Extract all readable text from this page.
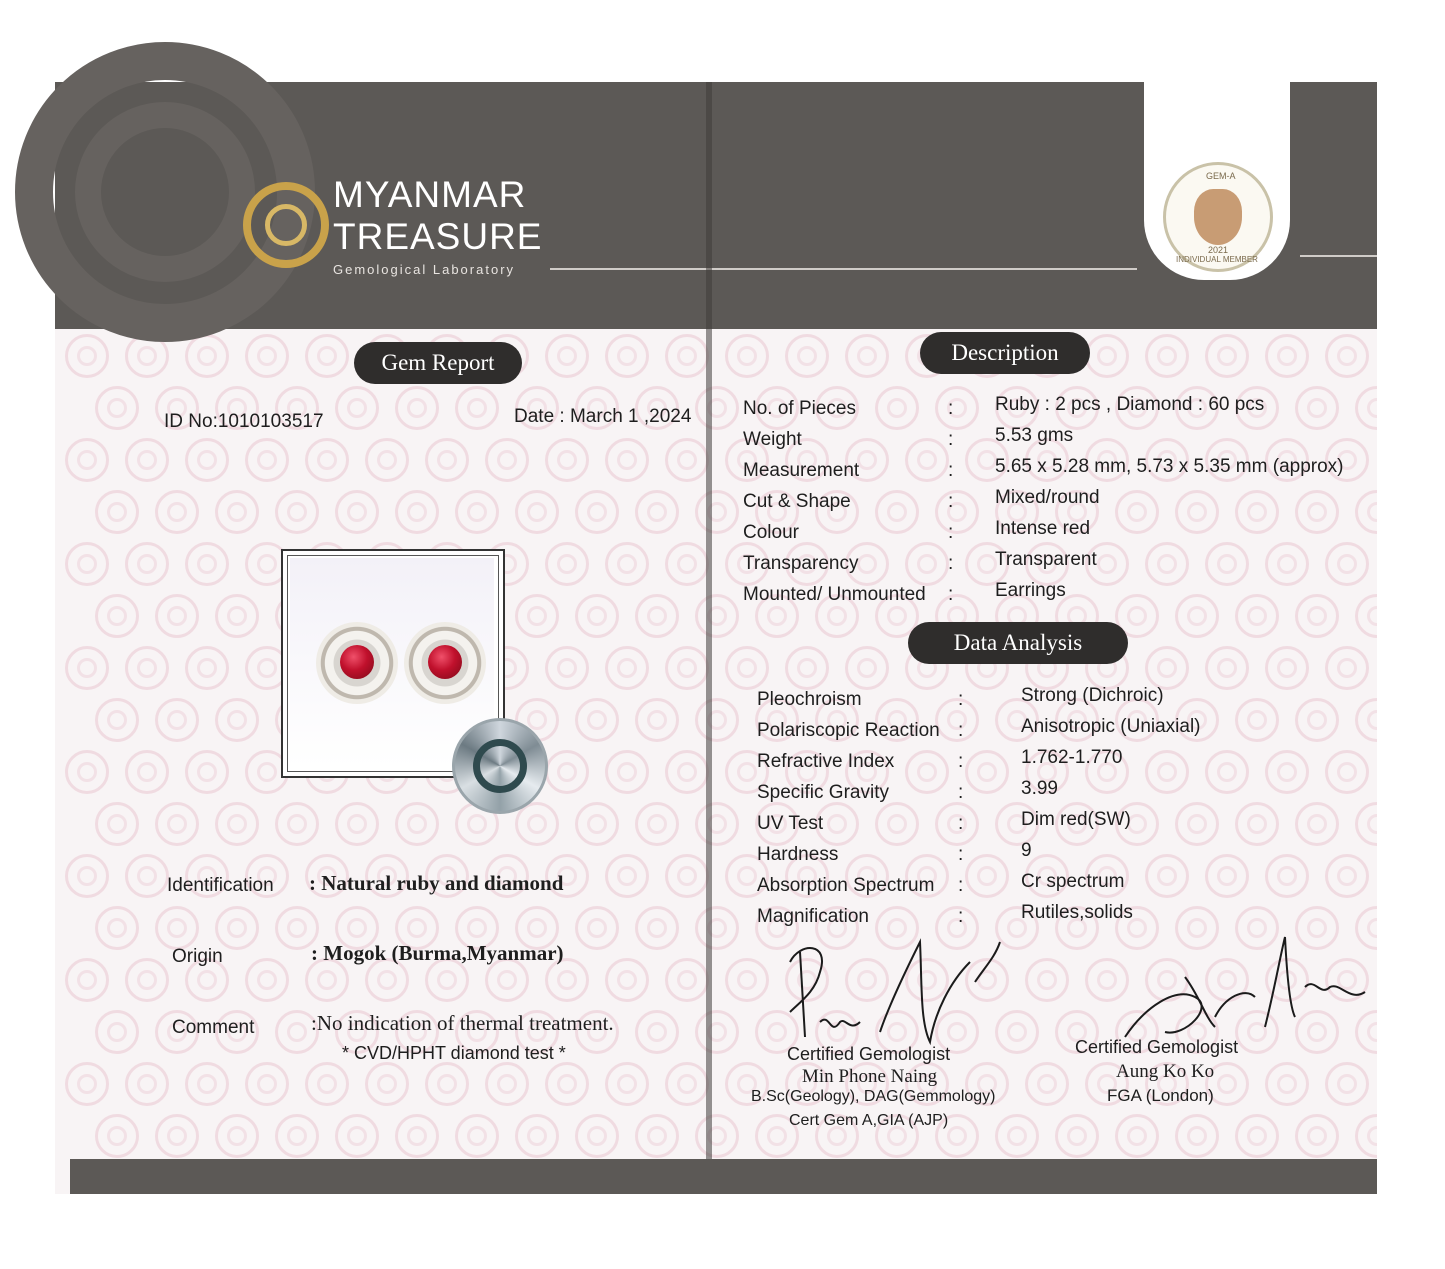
MYANMAR
TREASURE
Gemological Laboratory
GEM-A
2021
INDIVIDUAL MEMBER
Gem Report
ID No:1010103517	Date : March 1 ,2024
Identification : Natural ruby and diamond
Origin	: Mogok (Burma,Myanmar)
Comment	:No indication of thermal treatment.
* CVD/HPHT diamond test *
Description
No. of Pieces	: Ruby : 2 pcs , Diamond : 60 pcs
Weight	: 5.53 gms
Measurement	: 5.65 x 5.28 mm, 5.73 x 5.35 mm (approx)
Cut & Shape	: Mixed/round
Colour	: Intense red
Transparency	: Transparent
Mounted/ Unmounted : Earrings
Data Analysis
Pleochroism	:	Strong (Dichroic)
Polariscopic Reaction :	Anisotropic (Uniaxial)
Refractive Index	:	1.762-1.770
Specific Gravity	:	3.99
UV Test	:	Dim red(SW)
Hardness	:	9
Absorption Spectrum :	Cr spectrum
Magnification	:	Rutiles,solids
Certified Gemologist
Min Phone Naing
B.Sc(Geology), DAG(Gemmology)
Cert Gem A,GIA (AJP)
Certified Gemologist
Aung Ko Ko
FGA (London)
